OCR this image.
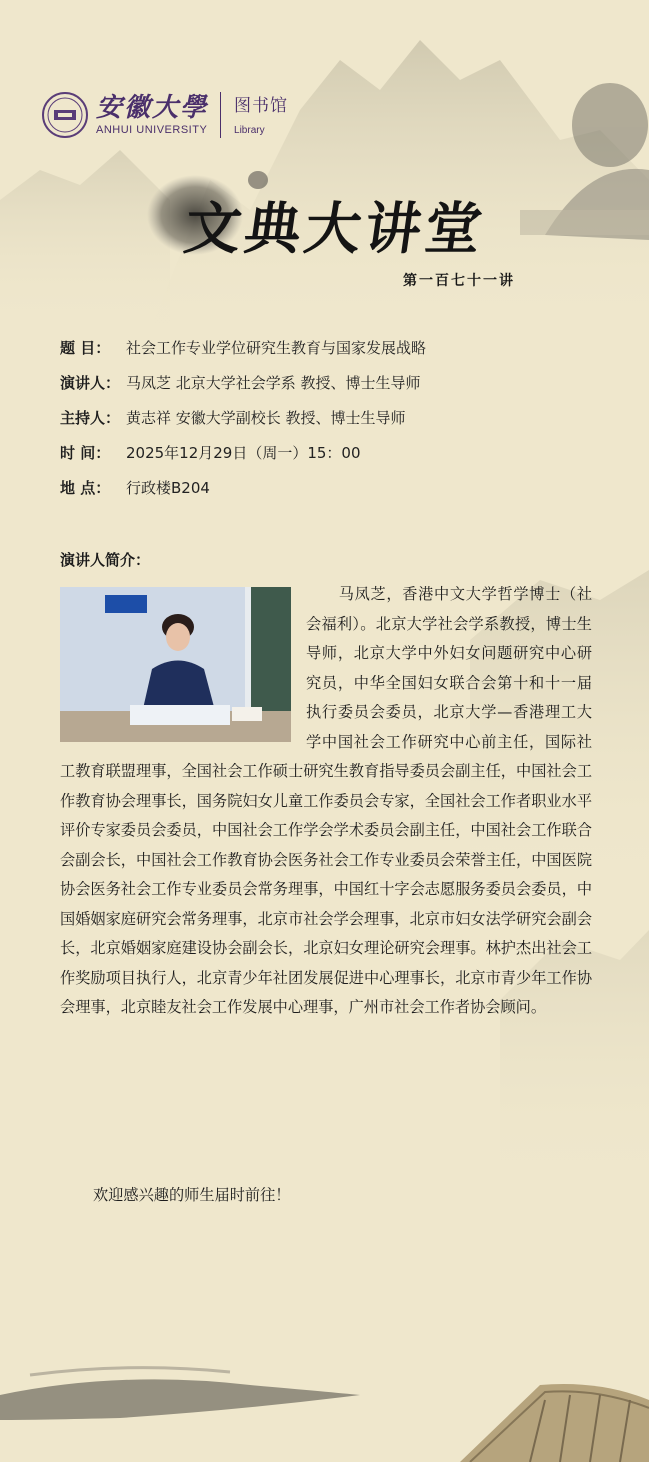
安徽大學
ANHUI UNIVERSITY
图书馆
Library
文典大讲堂
第一百七十一讲
题 目： 社会工作专业学位研究生教育与国家发展战略
演讲人： 马凤芝 北京大学社会学系 教授、博士生导师
主持人： 黄志祥 安徽大学副校长 教授、博士生导师
时 间： 2025年12月29日（周一）15：00
地 点： 行政楼B204
演讲人简介：
马凤芝，香港中文大学哲学博士（社会福利）。北京大学社会学系教授，博士生导师，北京大学中外妇女问题研究中心研究员，中华全国妇女联合会第十和十一届执行委员会委员，北京大学—香港理工大学中国社会工作研究中心前主任，国际社工教育联盟理事，全国社会工作硕士研究生教育指导委员会副主任，中国社会工作教育协会理事长，国务院妇女儿童工作委员会专家，全国社会工作者职业水平评价专家委员会委员，中国社会工作学会学术委员会副主任，中国社会工作联合会副会长，中国社会工作教育协会医务社会工作专业委员会荣誉主任，中国医院协会医务社会工作专业委员会常务理事，中国红十字会志愿服务委员会委员，中国婚姻家庭研究会常务理事，北京市社会学会理事，北京市妇女法学研究会副会长，北京婚姻家庭建设协会副会长，北京妇女理论研究会理事。林护杰出社会工作奖励项目执行人，北京青少年社团发展促进中心理事长，北京市青少年工作协会理事，北京睦友社会工作发展中心理事，广州市社会工作者协会顾问。
欢迎感兴趣的师生届时前往！
